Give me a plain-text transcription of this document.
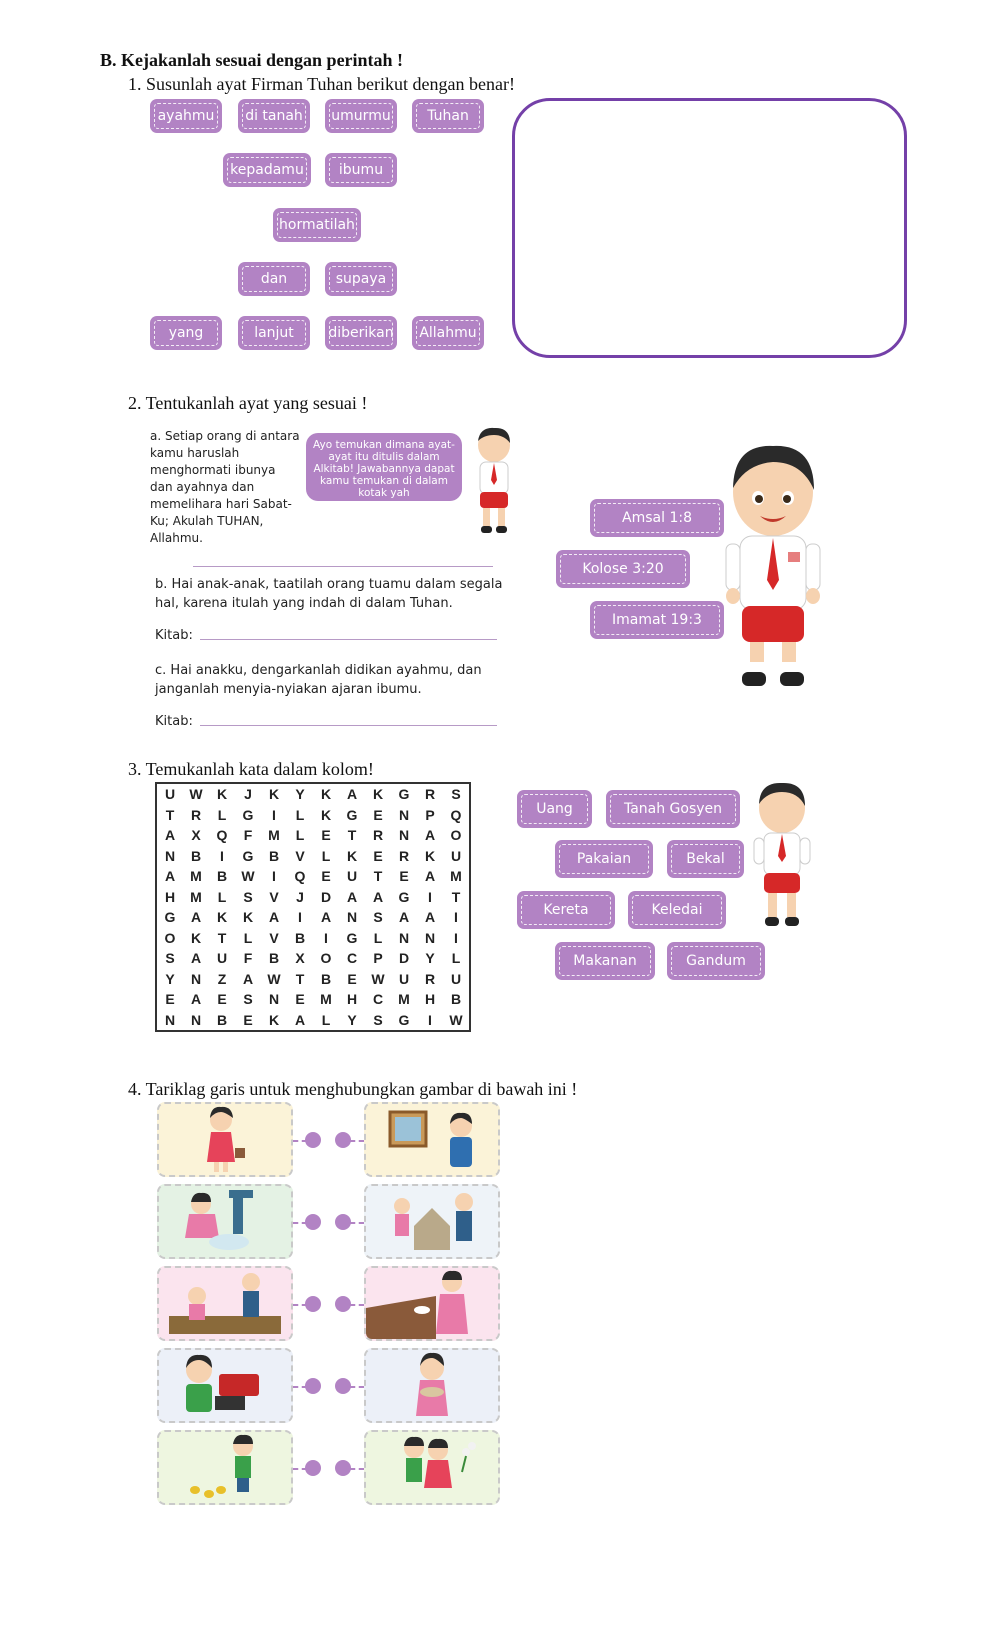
B. Kejakanlah sesuai dengan perintah !
1. Susunlah ayat Firman Tuhan berikut dengan benar!
ayahmu di tanah umurmu	Tuhan
kepadamu	ibumu
hormatilah
dan	supaya
yang	lanjut diberikan Allahmu
2. Tentukanlah ayat yang sesuai !
a. Setiap orang di antara kamu haruslah menghormati ibunya dan ayahnya dan memelihara hari Sabat-Ku; Akulah TUHAN, Allahmu.
Ayo temukan dimana ayat-ayat itu ditulis dalam Alkitab! Jawabannya dapat kamu temukan di dalam kotak yah
b. Hai anak-anak, taatilah orang tuamu dalam segala hal, karena itulah yang indah di dalam Tuhan.
Kitab:
c. Hai anakku, dengarkanlah didikan ayahmu, dan janganlah menyia-nyiakan ajaran ibumu.
Kitab:
Amsal 1:8
Kolose 3:20
Imamat 19:3
3. Temukanlah kata dalam kolom!
U	W	K	J	K	Y	K	A	K	G	R	S
T	R	L	G	I	L	K	G	E	N	P	Q
A	X	Q	F	M	L	E	T	R	N	A	O
N	B	I	G	B	V	L	K	E	R	K	U
A	M	B	W	I	Q	E	U	T	E	A	M
H	M	L	S	V	J	D	A	A	G	I	T
G	A	K	K	A	I	A	N	S	A	A	I
O	K	T	L	V	B	I	G	L	N	N	I
S	A	U	F	B	X	O	C	P	D	Y	L
Y	N	Z	A	W	T	B	E	W	U	R	U
E	A	E	S	N	E	M	H	C	M	H	B
N	N	B	E	K	A	L	Y	S	G	I	W
Uang	Tanah Gosyen
Pakaian	Bekal
Kereta	Keledai
Makanan	Gandum
4. Tariklag garis untuk menghubungkan gambar di bawah ini !
